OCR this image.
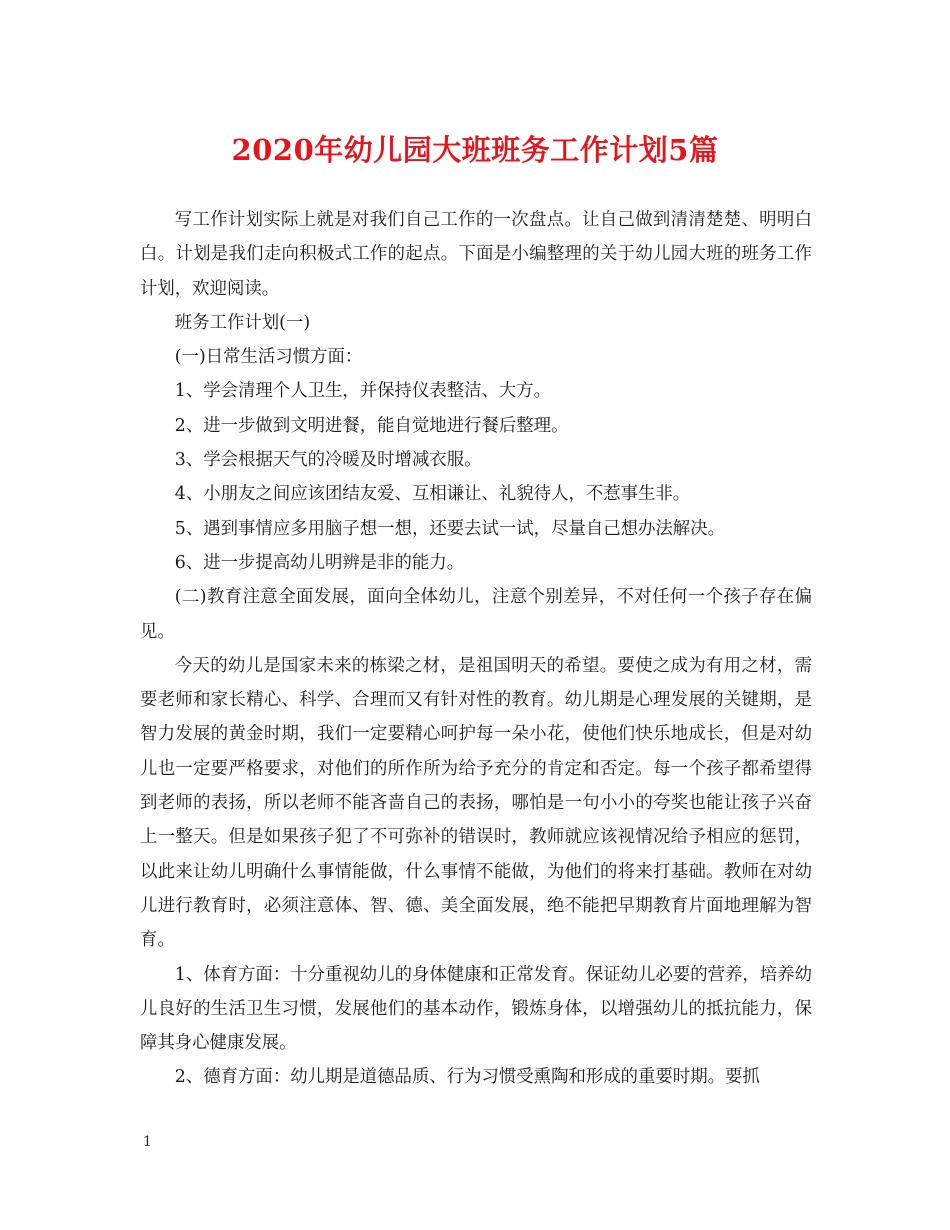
2020年幼儿园大班班务工作计划5篇

写工作计划实际上就是对我们自己工作的一次盘点。让自己做到清清楚楚、明明白白。计划是我们走向积极式工作的起点。下面是小编整理的关于幼儿园大班的班务工作计划，欢迎阅读。

班务工作计划(一)

(一)日常生活习惯方面：

1、学会清理个人卫生，并保持仪表整洁、大方。

2、进一步做到文明进餐，能自觉地进行餐后整理。

3、学会根据天气的冷暖及时增减衣服。

4、小朋友之间应该团结友爱、互相谦让、礼貌待人，不惹事生非。

5、遇到事情应多用脑子想一想，还要去试一试，尽量自己想办法解决。

6、进一步提高幼儿明辨是非的能力。

(二)教育注意全面发展，面向全体幼儿，注意个别差异，不对任何一个孩子存在偏见。

今天的幼儿是国家未来的栋梁之材，是祖国明天的希望。要使之成为有用之材，需要老师和家长精心、科学、合理而又有针对性的教育。幼儿期是心理发展的关键期，是智力发展的黄金时期，我们一定要精心呵护每一朵小花，使他们快乐地成长，但是对幼儿也一定要严格要求，对他们的所作所为给予充分的肯定和否定。每一个孩子都希望得到老师的表扬，所以老师不能吝啬自己的表扬，哪怕是一句小小的夸奖也能让孩子兴奋上一整天。但是如果孩子犯了不可弥补的错误时，教师就应该视情况给予相应的惩罚，以此来让幼儿明确什么事情能做，什么事情不能做，为他们的将来打基础。教师在对幼儿进行教育时，必须注意体、智、德、美全面发展，绝不能把早期教育片面地理解为智育。

1、体育方面：十分重视幼儿的身体健康和正常发育。保证幼儿必要的营养，培养幼儿良好的生活卫生习惯，发展他们的基本动作，锻炼身体，以增强幼儿的抵抗能力，保障其身心健康发展。

2、德育方面：幼儿期是道德品质、行为习惯受熏陶和形成的重要时期。要抓

1
